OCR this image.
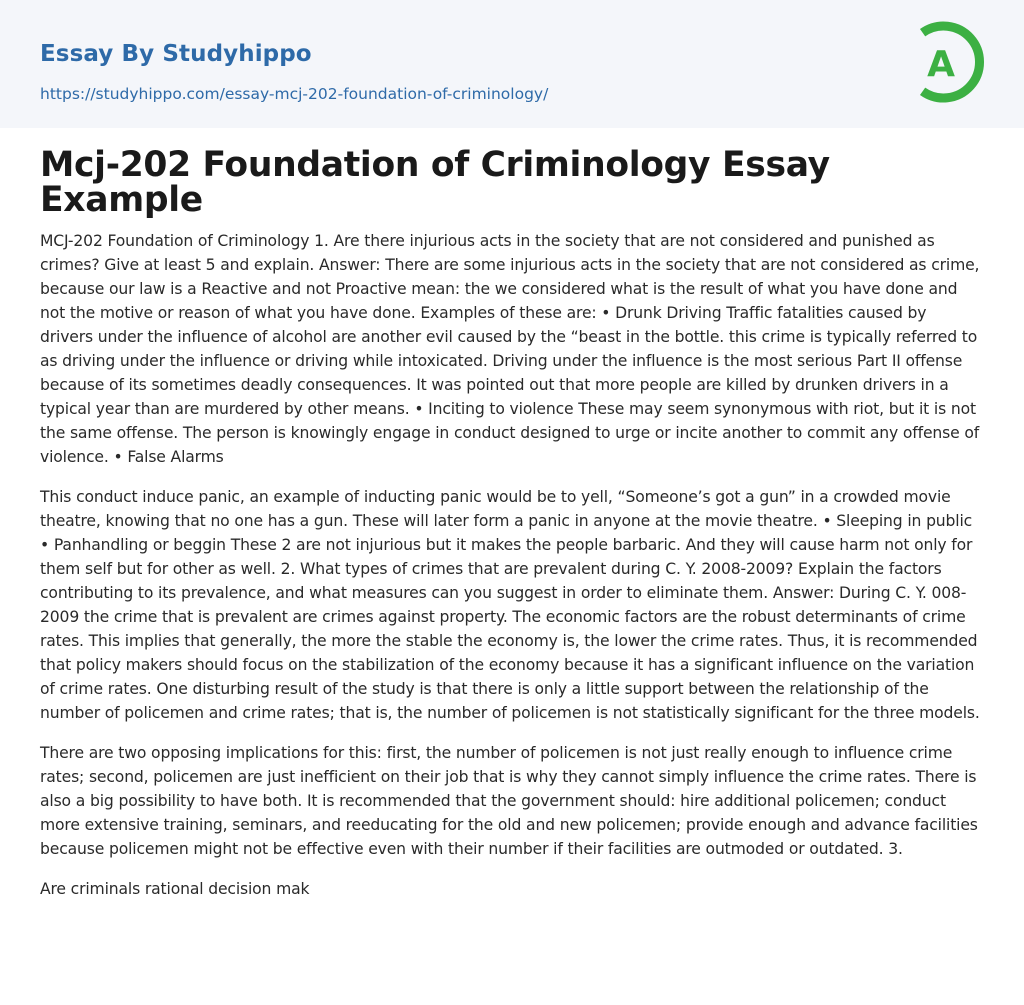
Essay By Studyhippo
https://studyhippo.com/essay-mcj-202-foundation-of-criminology/
A
Mcj-202 Foundation of Criminology Essay Example

MCJ-202 Foundation of Criminology 1. Are there injurious acts in the society that are not considered and punished as crimes? Give at least 5 and explain. Answer: There are some injurious acts in the society that are not considered as crime, because our law is a Reactive and not Proactive mean: the we considered what is the result of what you have done and not the motive or reason of what you have done. Examples of these are: • Drunk Driving Traffic fatalities caused by drivers under the influence of alcohol are another evil caused by the “beast in the bottle. this crime is typically referred to as driving under the influence or driving while intoxicated. Driving under the influence is the most serious Part II offense because of its sometimes deadly consequences. It was pointed out that more people are killed by drunken drivers in a typical year than are murdered by other means. • Inciting to violence These may seem synonymous with riot, but it is not the same offense. The person is knowingly engage in conduct designed to urge or incite another to commit any offense of violence. • False Alarms

This conduct induce panic, an example of inducting panic would be to yell, “Someone’s got a gun” in a crowded movie theatre, knowing that no one has a gun. These will later form a panic in anyone at the movie theatre. • Sleeping in public • Panhandling or beggin These 2 are not injurious but it makes the people barbaric. And they will cause harm not only for them self but for other as well. 2. What types of crimes that are prevalent during C. Y. 2008-2009? Explain the factors contributing to its prevalence, and what measures can you suggest in order to eliminate them. Answer: During C. Y. 008-2009 the crime that is prevalent are crimes against property. The economic factors are the robust determinants of crime rates. This implies that generally, the more the stable the economy is, the lower the crime rates. Thus, it is recommended that policy makers should focus on the stabilization of the economy because it has a significant influence on the variation of crime rates. One disturbing result of the study is that there is only a little support between the relationship of the number of policemen and crime rates; that is, the number of policemen is not statistically significant for the three models.

There are two opposing implications for this: first, the number of policemen is not just really enough to influence crime rates; second, policemen are just inefficient on their job that is why they cannot simply influence the crime rates. There is also a big possibility to have both. It is recommended that the government should: hire additional policemen; conduct more extensive training, seminars, and reeducating for the old and new policemen; provide enough and advance facilities because policemen might not be effective even with their number if their facilities are outmoded or outdated. 3.

Are criminals rational decision mak
